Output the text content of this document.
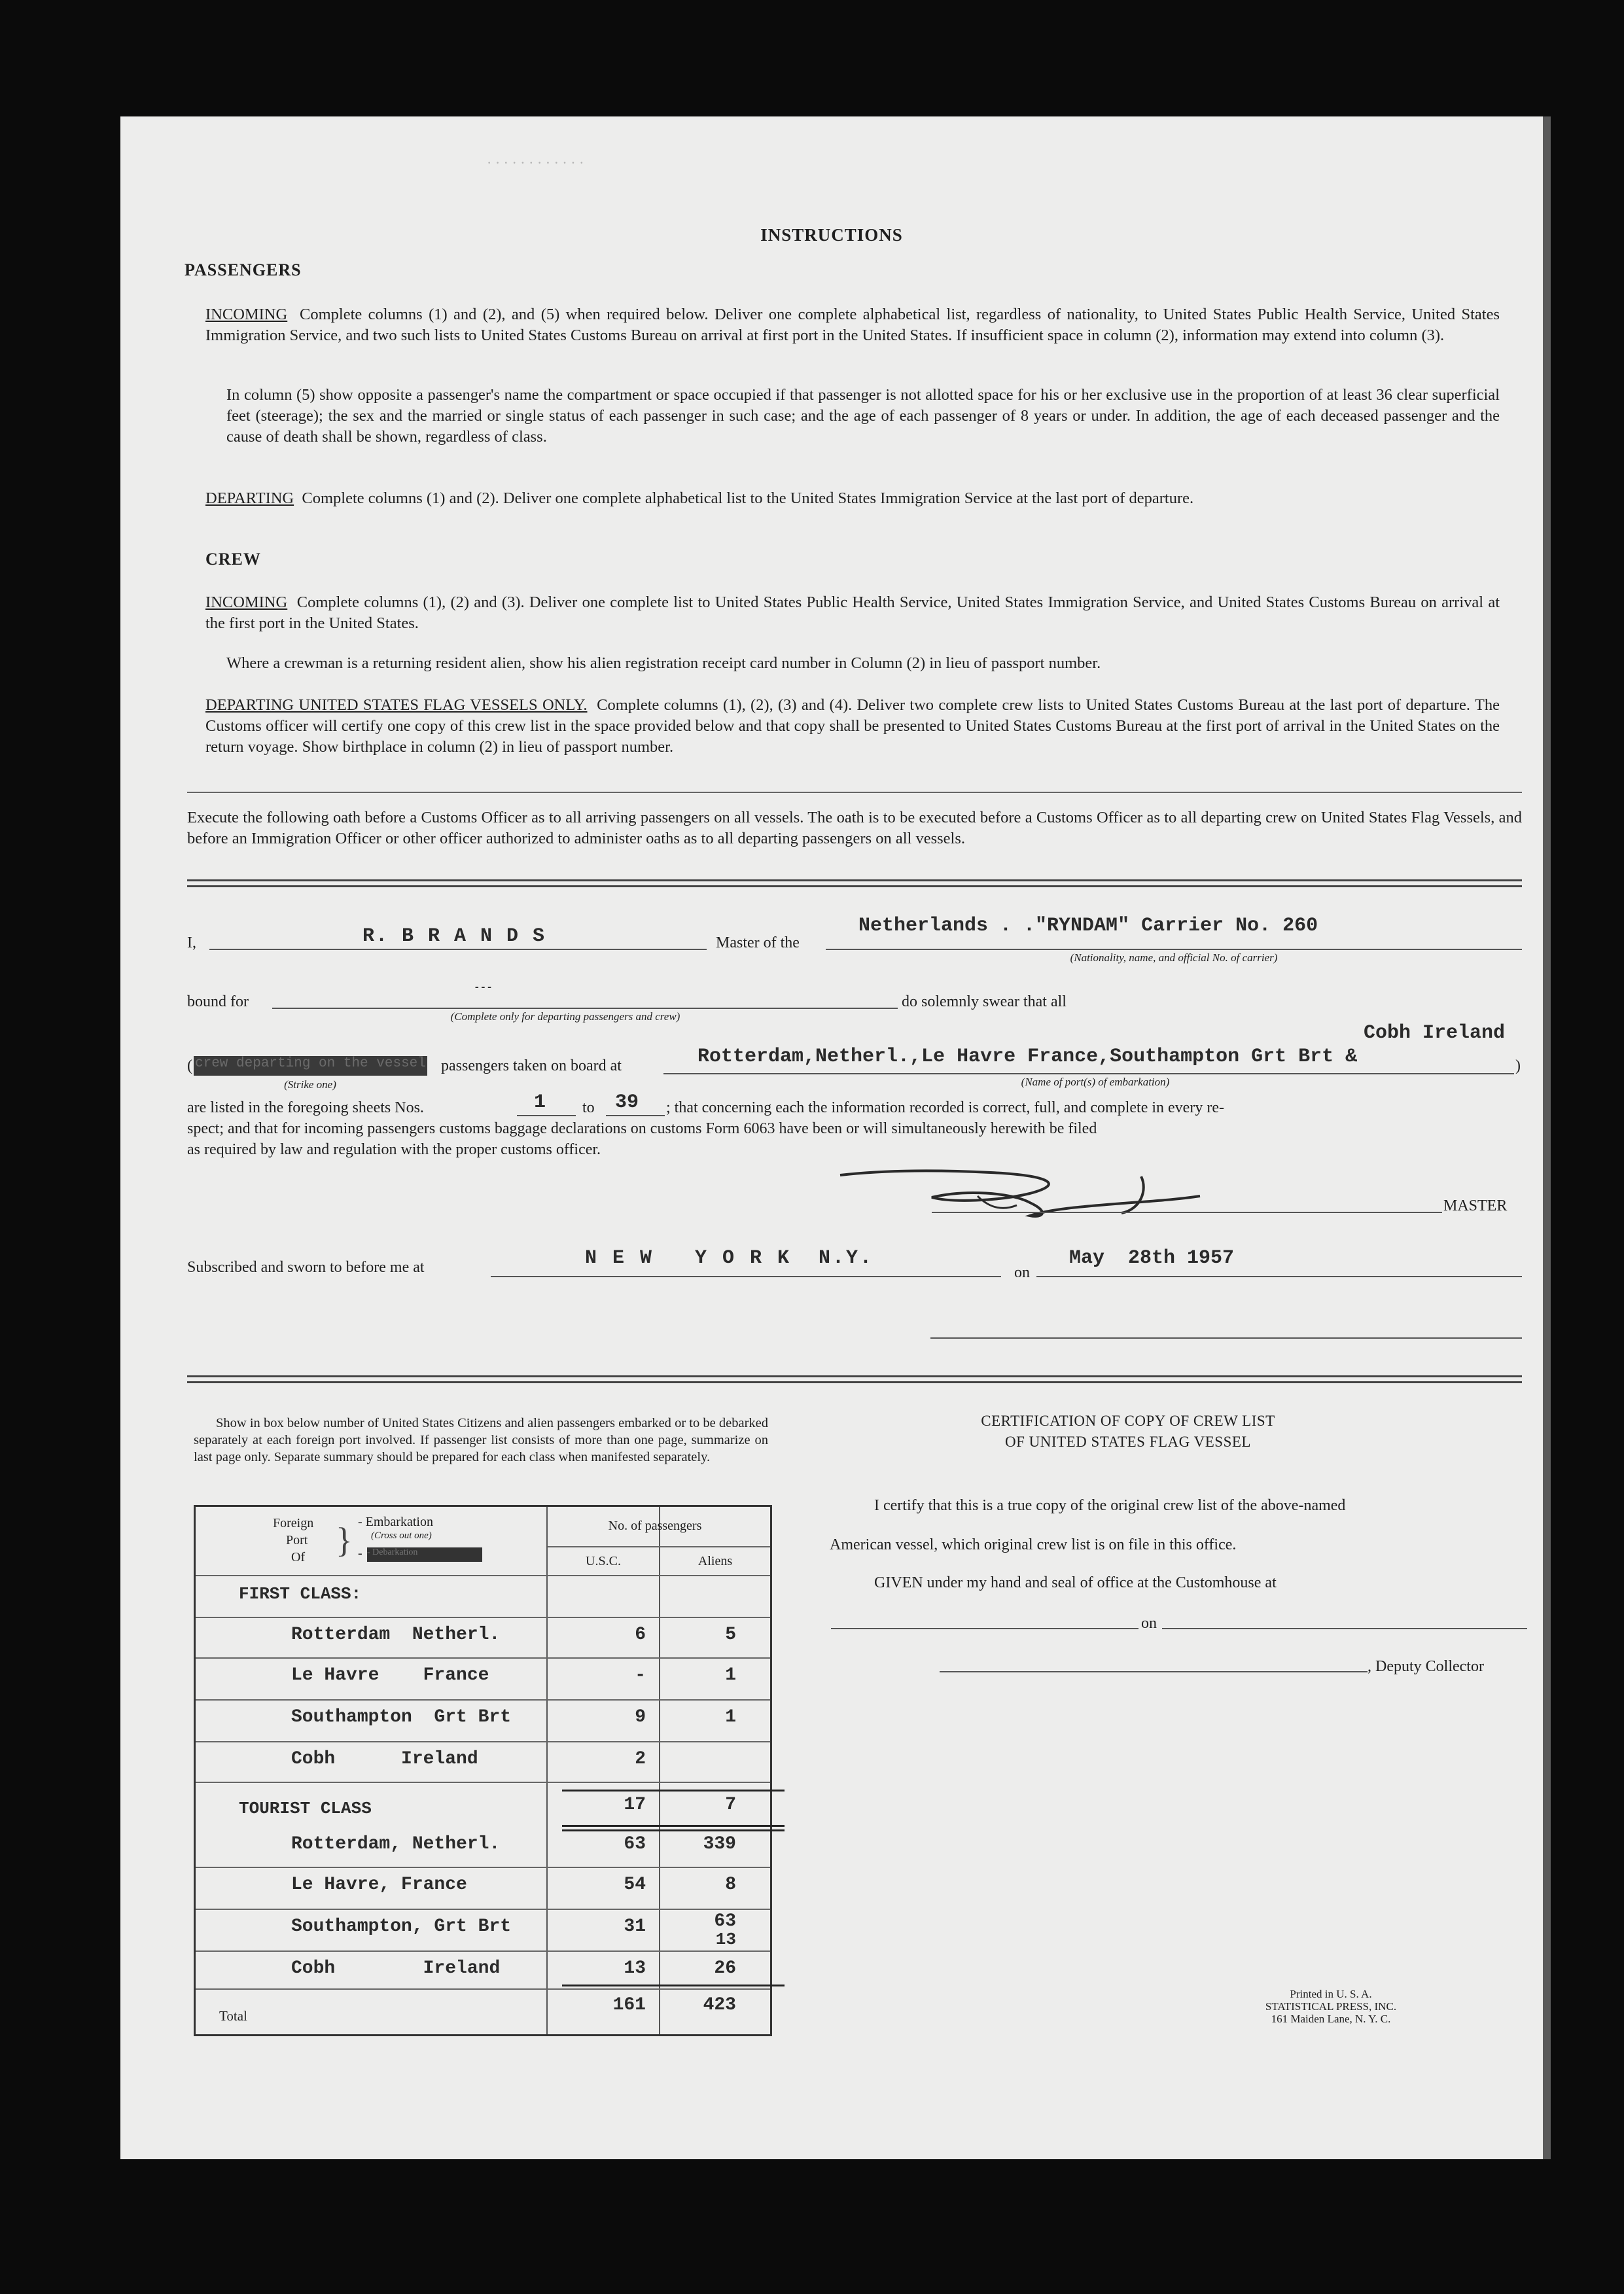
· · · · · · · · · · · ·
INSTRUCTIONS
PASSENGERS
INCOMING Complete columns (1) and (2), and (5) when required below. Deliver one complete alphabetical list, regardless of nationality, to United States Public Health Service, United States Immigration Service, and two such lists to United States Customs Bureau on arrival at first port in the United States. If insufficient space in column (2), information may extend into column (3).
In column (5) show opposite a passenger's name the compartment or space occupied if that passenger is not allotted space for his or her exclusive use in the proportion of at least 36 clear superficial feet (steerage); the sex and the married or single status of each passenger in such case; and the age of each passenger of 8 years or under. In addition, the age of each deceased passenger and the cause of death shall be shown, regardless of class.
DEPARTING Complete columns (1) and (2). Deliver one complete alphabetical list to the United States Immigration Service at the last port of departure.
CREW
INCOMING Complete columns (1), (2) and (3). Deliver one complete list to United States Public Health Service, United States Immigration Service, and United States Customs Bureau on arrival at the first port in the United States.
Where a crewman is a returning resident alien, show his alien registration receipt card number in Column (2) in lieu of passport number.
DEPARTING UNITED STATES FLAG VESSELS ONLY. Complete columns (1), (2), (3) and (4). Deliver two complete crew lists to United States Customs Bureau at the last port of departure. The Customs officer will certify one copy of this crew list in the space provided below and that copy shall be presented to United States Customs Bureau at the first port of arrival in the United States on the return voyage. Show birthplace in column (2) in lieu of passport number.
Execute the following oath before a Customs Officer as to all arriving passengers on all vessels. The oath is to be executed before a Customs Officer as to all departing crew on United States Flag Vessels, and before an Immigration Officer or other officer authorized to administer oaths as to all departing passengers on all vessels.
I,	R. B R A N D S	Master of the
Netherlands . ."RYNDAM" Carrier No. 260
(Nationality, name, and official No. of carrier)
bound for
---
(Complete only for departing passengers and crew)
do solemnly swear that all
( crew departing on the vessel
(Strike one)
passengers taken on board at
Cobh Ireland
Rotterdam,Netherl.,Le Havre France,Southampton Grt Brt &	)
(Name of port(s) of embarkation)
are listed in the foregoing sheets Nos.	1 to 39 ; that concerning each the information recorded is correct, full, and complete in every re-
spect; and that for incoming passengers customs baggage declarations on customs Form 6063 have been or will simultaneously herewith be filed
as required by law and regulation with the proper customs officer.
MASTER
Subscribed and sworn to before me at	N E W   Y O R K  N.Y.
on
May  28th 1957
Show in box below number of United States Citizens and alien passengers embarked or to be debarked separately at each foreign port involved. If passenger list consists of more than one page, summarize on last page only. Separate summary should be prepared for each class when manifested separately.
Foreign
Port
Of } - Embarkation
(Cross out one)
- - Debarkation
No. of passengers
U.S.C.	Aliens
FIRST CLASS:
Rotterdam  Netherl.	6	5
Le Havre    France	-	1
Southampton  Grt Brt	9	1
Cobh      Ireland	2
TOURIST CLASS	17	7
Rotterdam, Netherl.	63	339
Le Havre, France	54	8
Southampton, Grt Brt	31	63
13
Cobh        Ireland	13	26
Total
161	423
CERTIFICATION OF COPY OF CREW LIST
OF UNITED STATES FLAG VESSEL
I certify that this is a true copy of the original crew list of the above-named
American vessel, which original crew list is on file in this office.
GIVEN under my hand and seal of office at the Customhouse at
on
, Deputy Collector
Printed in U. S. A.
STATISTICAL PRESS, INC.
161 Maiden Lane, N. Y. C.
